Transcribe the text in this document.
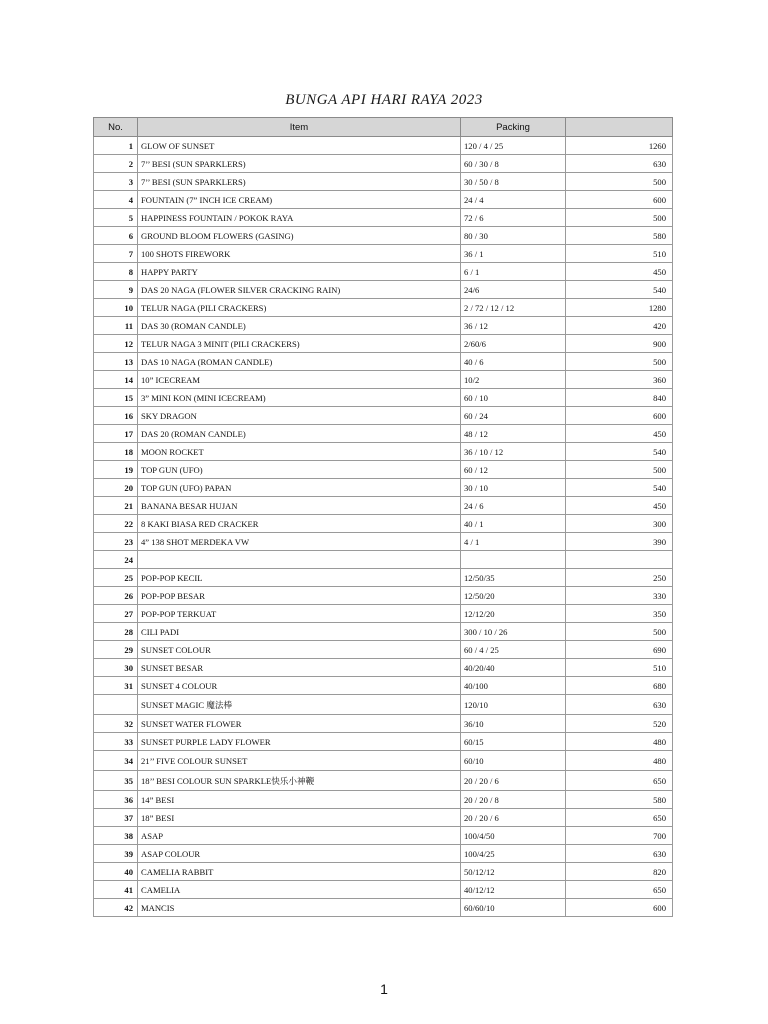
BUNGA API HARI RAYA 2023
No.	Item	Packing	
1	GLOW OF SUNSET	120 / 4 / 25	1260
2	7’’ BESI (SUN SPARKLERS)	60 / 30 / 8	630
3	7’’ BESI (SUN SPARKLERS)	30 / 50 / 8	500
4	FOUNTAIN (7” INCH ICE CREAM)	24 / 4	600
5	HAPPINESS FOUNTAIN / POKOK RAYA	72 / 6	500
6	GROUND BLOOM FLOWERS (GASING)	80 / 30	580
7	100 SHOTS FIREWORK	36 / 1	510
8	HAPPY PARTY	6 / 1	450
9	DAS 20 NAGA (FLOWER SILVER CRACKING RAIN)	24/6	540
10	TELUR NAGA (PILI CRACKERS)	2 / 72 / 12 / 12	1280
11	DAS 30 (ROMAN CANDLE)	36 / 12	420
12	TELUR NAGA 3 MINIT (PILI CRACKERS)	2/60/6	900
13	DAS 10 NAGA (ROMAN CANDLE)	40 / 6	500
14	10” ICECREAM	10/2	360
15	3” MINI KON (MINI ICECREAM)	60 / 10	840
16	SKY DRAGON	60 / 24	600
17	DAS 20 (ROMAN CANDLE)	48 / 12	450
18	MOON ROCKET	36 / 10 / 12	540
19	TOP GUN (UFO)	60 / 12	500
20	TOP GUN (UFO) PAPAN	30 / 10	540
21	BANANA BESAR HUJAN	24 / 6	450
22	8 KAKI BIASA RED CRACKER	40 / 1	300
23	4” 138 SHOT MERDEKA VW	4 / 1	390
24			
25	POP-POP KECIL	12/50/35	250
26	POP-POP BESAR	12/50/20	330
27	POP-POP TERKUAT	12/12/20	350
28	CILI PADI	300 / 10 / 26	500
29	SUNSET COLOUR	60 / 4 / 25	690
30	SUNSET BESAR	40/20/40	510
31	SUNSET 4 COLOUR	40/100	680
	SUNSET MAGIC 魔法棒	120/10	630
32	SUNSET WATER FLOWER	36/10	520
33	SUNSET PURPLE LADY FLOWER	60/15	480
34	21’’ FIVE COLOUR SUNSET	60/10	480
35	18’’ BESI COLOUR SUN SPARKLE快乐小神鞭	20 / 20 / 6	650
36	14” BESI	20 / 20 / 8	580
37	18” BESI	20 / 20 / 6	650
38	ASAP	100/4/50	700
39	ASAP COLOUR	100/4/25	630
40	CAMELIA RABBIT	50/12/12	820
41	CAMELIA	40/12/12	650
42	MANCIS	60/60/10	600
1
